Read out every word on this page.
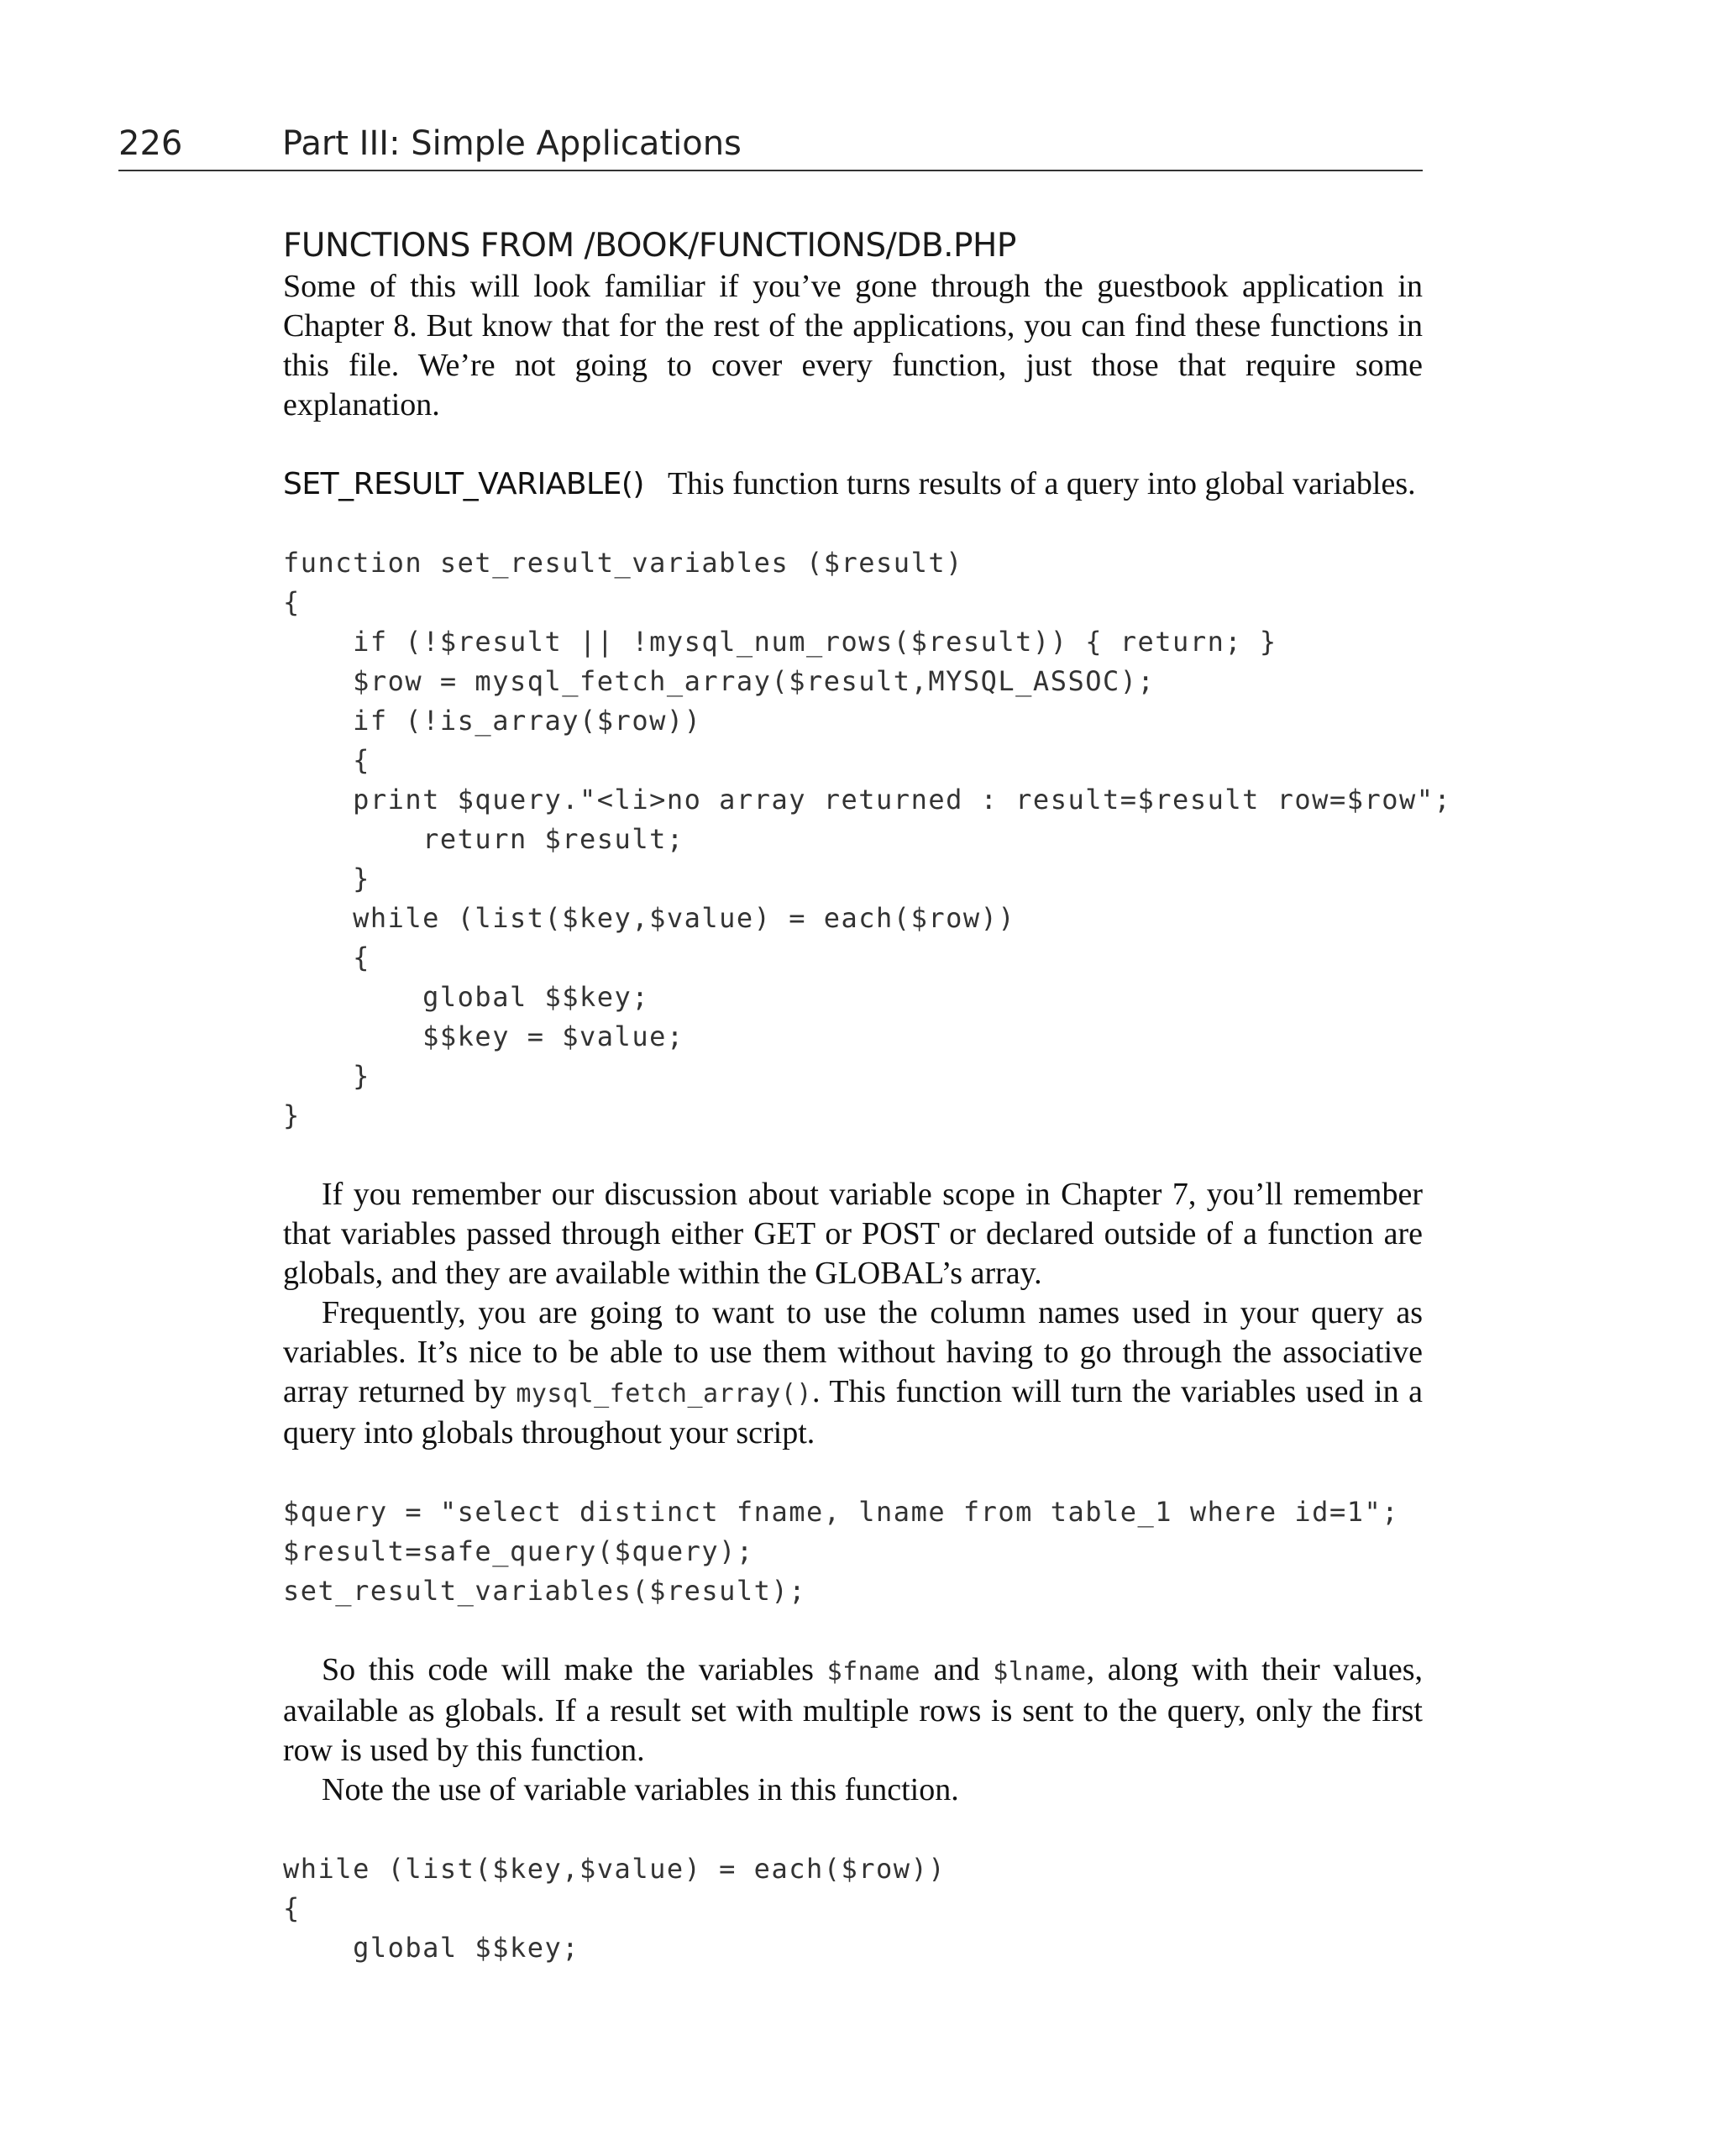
226	Part III: Simple Applications
FUNCTIONS FROM /BOOK/FUNCTIONS/DB.PHP

Some of this will look familiar if you’ve gone through the guestbook application in Chapter 8. But know that for the rest of the applications, you can find these functions in this file. We’re not going to cover every function, just those that require some explanation.

SET_RESULT_VARIABLE() This function turns results of a query into global variables.

function set_result_variables ($result)
{
if (!$result || !mysql_num_rows($result)) { return; }
$row = mysql_fetch_array($result,MYSQL_ASSOC);
if (!is_array($row))
{
print $query."<li>no array returned : result=$result row=$row";
return $result;
}
while (list($key,$value) = each($row))
{
global $$key;
$$key = $value;
}
}

If you remember our discussion about variable scope in Chapter 7, you’ll remember that variables passed through either GET or POST or declared outside of a function are globals, and they are available within the GLOBAL’s array.

Frequently, you are going to want to use the column names used in your query as variables. It’s nice to be able to use them without having to go through the associative array returned by mysql_fetch_array(). This function will turn the variables used in a query into globals throughout your script.

$query = "select distinct fname, lname from table_1 where id=1";
$result=safe_query($query);
set_result_variables($result);

So this code will make the variables $fname and $lname, along with their values, available as globals. If a result set with multiple rows is sent to the query, only the first row is used by this function.

Note the use of variable variables in this function.

while (list($key,$value) = each($row))
{
global $$key;
